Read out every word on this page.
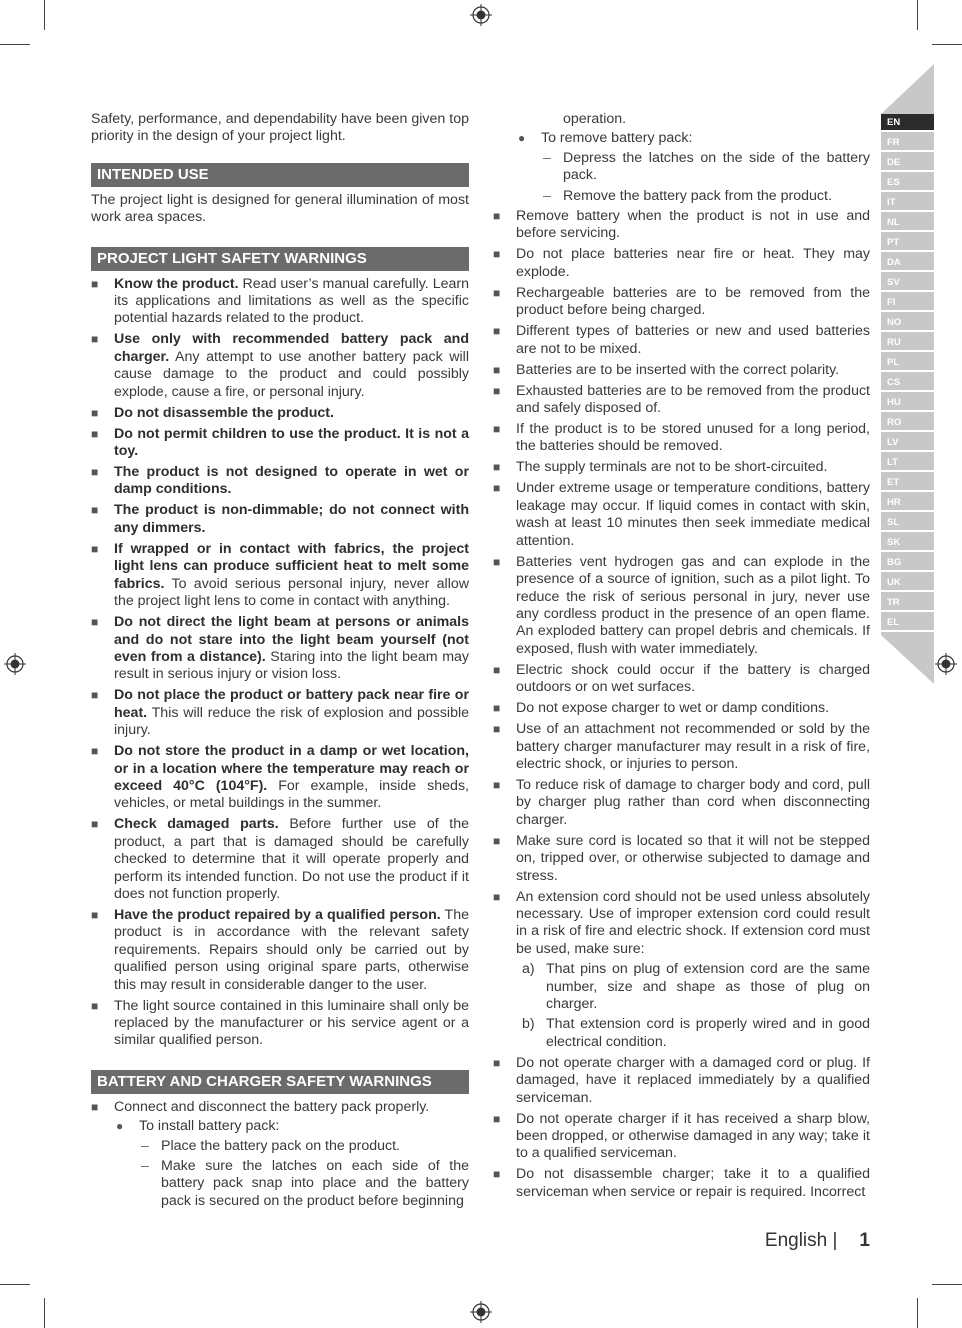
Safety, performance, and dependability have been given top priority in the design of your project light.

INTENDED USE

The project light is designed for general illumination of most work area spaces.

PROJECT LIGHT SAFETY WARNINGS
■ Know the product. Read user’s manual carefully. Learn its applications and limitations as well as the specific potential hazards related to the product.
■ Use only with recommended battery pack and charger. Any attempt to use another battery pack will cause damage to the product and could possibly explode, cause a fire, or personal injury.
■ Do not disassemble the product.
■ Do not permit children to use the product. It is not a toy.
■ The product is not designed to operate in wet or damp conditions.
■ The product is non-dimmable; do not connect with any dimmers.
■ If wrapped or in contact with fabrics, the project light lens can produce sufficient heat to melt some fabrics. To avoid serious personal injury, never allow the project light lens to come in contact with anything.
■ Do not direct the light beam at persons or animals and do not stare into the light beam yourself (not even from a distance). Staring into the light beam may result in serious injury or vision loss.
■ Do not place the product or battery pack near fire or heat. This will reduce the risk of explosion and possible injury.
■ Do not store the product in a damp or wet location, or in a location where the temperature may reach or exceed 40°C (104°F). For example, inside sheds, vehicles, or metal buildings in the summer.
■ Check damaged parts. Before further use of the product, a part that is damaged should be carefully checked to determine that it will operate properly and perform its intended function. Do not use the product if it does not function properly.
■ Have the product repaired by a qualified person. The product is in accordance with the relevant safety requirements. Repairs should only be carried out by qualified person using original spare parts, otherwise this may result in considerable danger to the user.
■ The light source contained in this luminaire shall only be replaced by the manufacturer or his service agent or a similar qualified person.
BATTERY AND CHARGER SAFETY WARNINGS
■ Connect and disconnect the battery pack properly.
● To install battery pack:
– Place the battery pack on the product.
– Make sure the latches on each side of the battery pack snap into place and the battery pack is secured on the product before beginning
operation.
● To remove battery pack:
– Depress the latches on the side of the battery pack.
– Remove the battery pack from the product.
■ Remove battery when the product is not in use and before servicing.
■ Do not place batteries near fire or heat. They may explode.
■ Rechargeable batteries are to be removed from the product before being charged.
■ Different types of batteries or new and used batteries are not to be mixed.
■ Batteries are to be inserted with the correct polarity.
■ Exhausted batteries are to be removed from the product and safely disposed of.
■ If the product is to be stored unused for a long period, the batteries should be removed.
■ The supply terminals are not to be short-circuited.
■ Under extreme usage or temperature conditions, battery leakage may occur. If liquid comes in contact with skin, wash at least 10 minutes then seek immediate medical attention.
■ Batteries vent hydrogen gas and can explode in the presence of a source of ignition, such as a pilot light. To reduce the risk of serious personal in jury, never use any cordless product in the presence of an open flame. An exploded battery can propel debris and chemicals. If exposed, flush with water immediately.
■ Electric shock could occur if the battery is charged outdoors or on wet surfaces.
■ Do not expose charger to wet or damp conditions.
■ Use of an attachment not recommended or sold by the battery charger manufacturer may result in a risk of fire, electric shock, or injuries to person.
■ To reduce risk of damage to charger body and cord, pull by charger plug rather than cord when disconnecting charger.
■ Make sure cord is located so that it will not be stepped on, tripped over, or otherwise subjected to damage and stress.
■ An extension cord should not be used unless absolutely necessary. Use of improper extension cord could result in a risk of fire and electric shock. If extension cord must be used, make sure:
a) That pins on plug of extension cord are the same number, size and shape as those of plug on charger.
b) That extension cord is properly wired and in good electrical condition.
■ Do not operate charger with a damaged cord or plug. If damaged, have it replaced immediately by a qualified serviceman.
■ Do not operate charger if it has received a sharp blow, been dropped, or otherwise damaged in any way; take it to a qualified serviceman.
■ Do not disassemble charger; take it to a qualified serviceman when service or repair is required. Incorrect
EN
FR
DE
ES
IT
NL
PT
DA
SV
FI
NO
RU
PL
CS
HU
RO
LV
LT
ET
HR
SL
SK
BG
UK
TR
EL
English | 1
